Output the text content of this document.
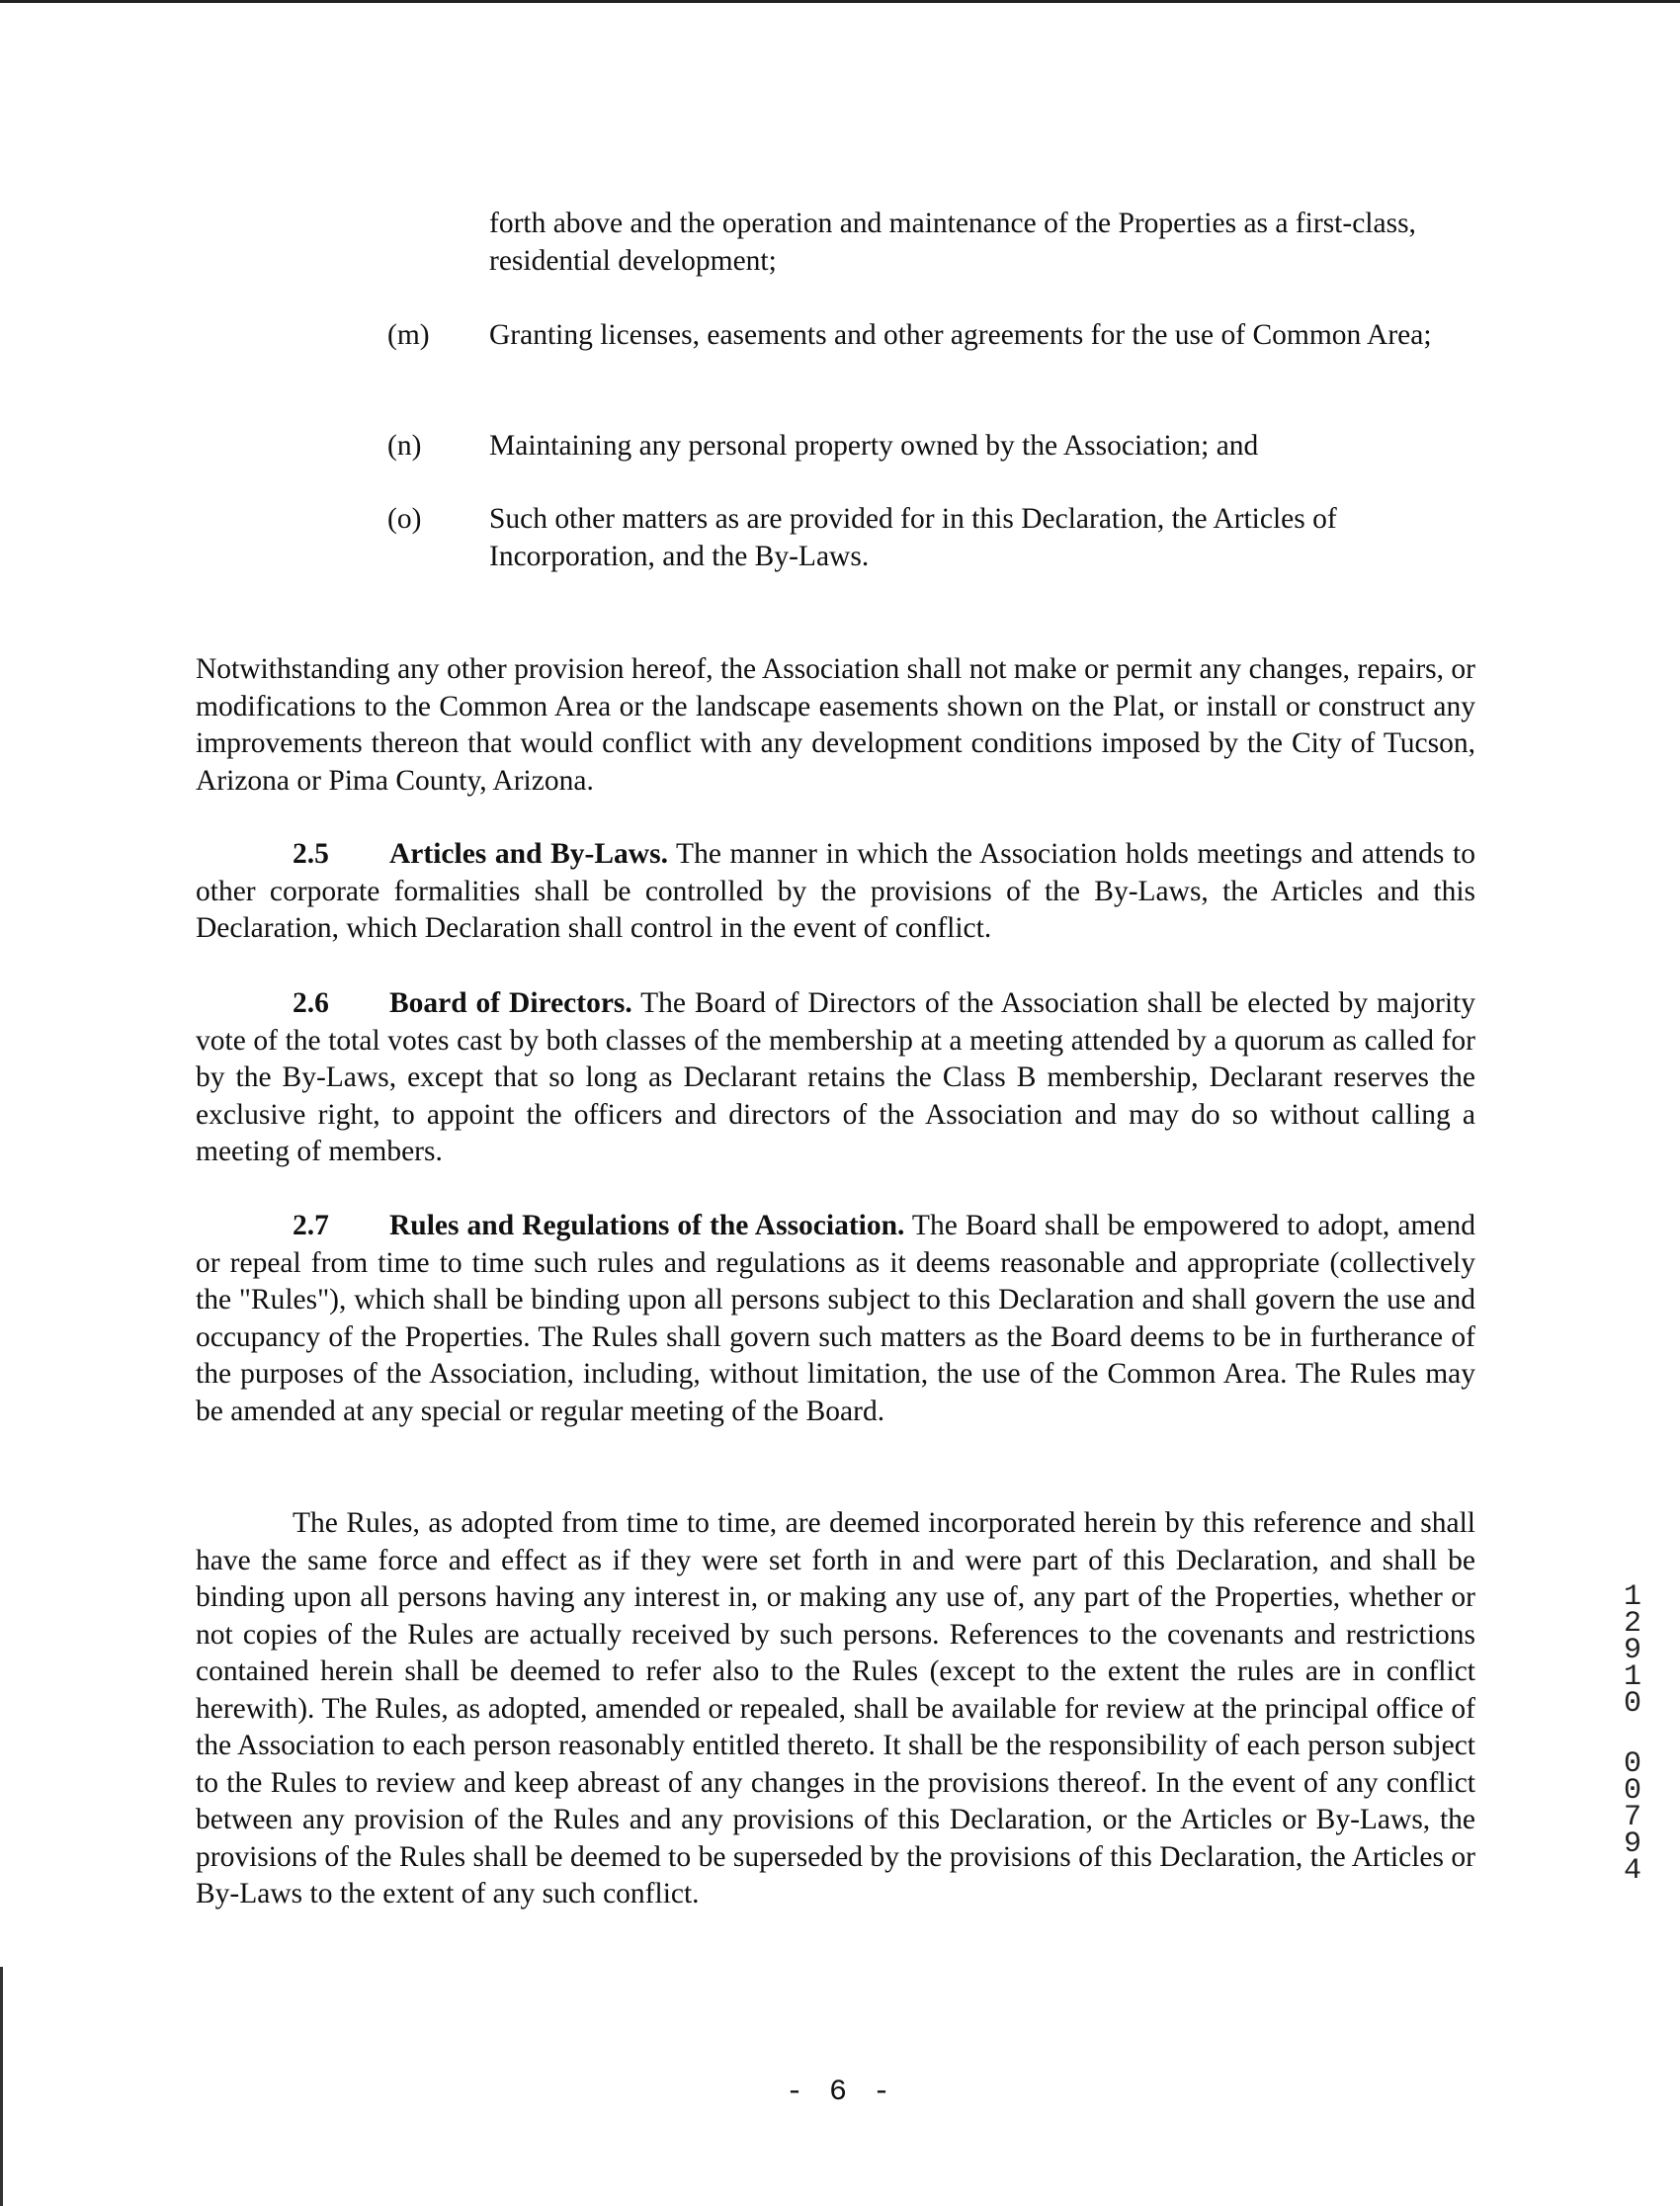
forth above and the operation and maintenance of the Properties as a first-class, residential development;
(m)	Granting licenses, easements and other agreements for the use of Common Area;
(n)	Maintaining any personal property owned by the Association; and
(o)	Such other matters as are provided for in this Declaration, the Articles of Incorporation, and the By-Laws.
Notwithstanding any other provision hereof, the Association shall not make or permit any changes, repairs, or modifications to the Common Area or the landscape easements shown on the Plat, or install or construct any improvements thereon that would conflict with any development conditions imposed by the City of Tucson, Arizona or Pima County, Arizona.
2.5 Articles and By-Laws. The manner in which the Association holds meetings and attends to other corporate formalities shall be controlled by the provisions of the By-Laws, the Articles and this Declaration, which Declaration shall control in the event of conflict.
2.6 Board of Directors. The Board of Directors of the Association shall be elected by majority vote of the total votes cast by both classes of the membership at a meeting attended by a quorum as called for by the By-Laws, except that so long as Declarant retains the Class B membership, Declarant reserves the exclusive right, to appoint the officers and directors of the Association and may do so without calling a meeting of members.
2.7 Rules and Regulations of the Association. The Board shall be empowered to adopt, amend or repeal from time to time such rules and regulations as it deems reasonable and appropriate (collectively the "Rules"), which shall be binding upon all persons subject to this Declaration and shall govern the use and occupancy of the Properties. The Rules shall govern such matters as the Board deems to be in furtherance of the purposes of the Association, including, without limitation, the use of the Common Area. The Rules may be amended at any special or regular meeting of the Board.
The Rules, as adopted from time to time, are deemed incorporated herein by this reference and shall have the same force and effect as if they were set forth in and were part of this Declaration, and shall be binding upon all persons having any interest in, or making any use of, any part of the Properties, whether or not copies of the Rules are actually received by such persons. References to the covenants and restrictions contained herein shall be deemed to refer also to the Rules (except to the extent the rules are in conflict herewith). The Rules, as adopted, amended or repealed, shall be available for review at the principal office of the Association to each person reasonably entitled thereto. It shall be the responsibility of each person subject to the Rules to review and keep abreast of any changes in the provisions thereof. In the event of any conflict between any provision of the Rules and any provisions of this Declaration, or the Articles or By-Laws, the provisions of the Rules shall be deemed to be superseded by the provisions of this Declaration, the Articles or By-Laws to the extent of any such conflict.
1
2
9
1
0
0
0
7
9
4
- 6 -
